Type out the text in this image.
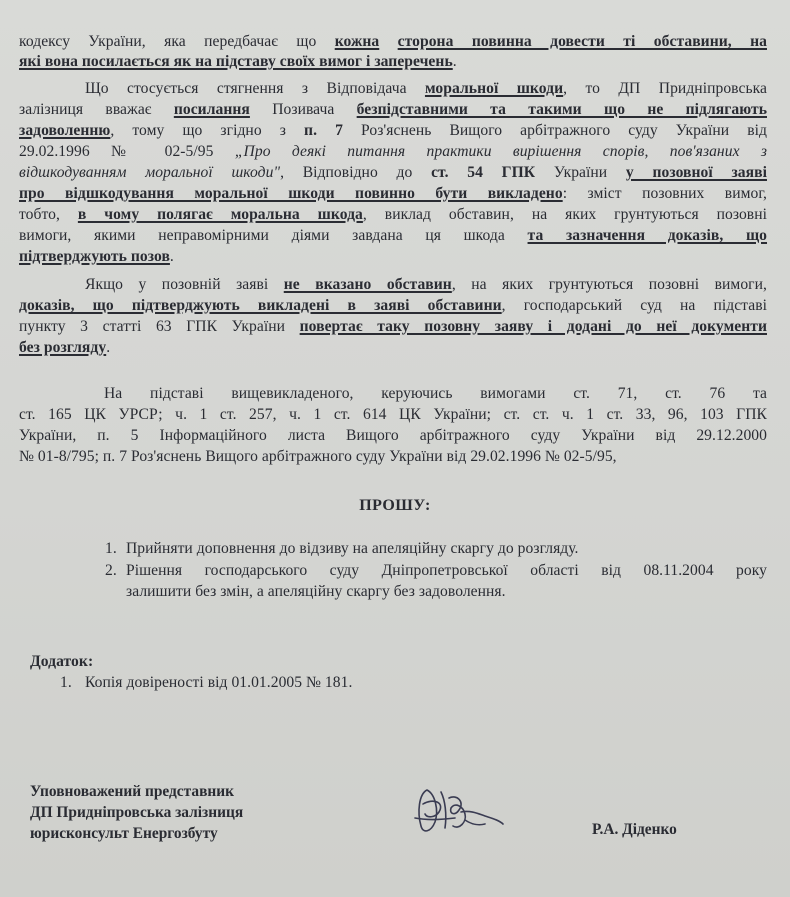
кодексу України, яка передбачає що кожна сторона повинна довести ті обставини, на
які вона посилається як на підставу своїх вимог і заперечень.
Що стосується стягнення з Відповідача моральної шкоди, то ДП Придніпровська
залізниця вважає посилання Позивача безпідставними та такими що не підлягають
задоволенню, тому що згідно з п. 7 Роз'яснень Вищого арбітражного суду України від
29.02.1996 № 02-5/95 „Про деякі питання практики вирішення спорів, пов'язаних з
відшкодуванням моральної шкоди", Відповідно до ст. 54 ГПК України у позовної заяві
про відшкодування моральної шкоди повинно бути викладено: зміст позовних вимог,
тобто, в чому полягає моральна шкода, виклад обставин, на яких грунтуються позовні
вимоги, якими неправомірними діями завдана ця шкода та зазначення доказів, що
підтверджують позов.
Якщо у позовній заяві не вказано обставин, на яких грунтуються позовні вимоги,
доказів, що підтверджують викладені в заяві обставини, господарський суд на підставі
пункту 3 статті 63 ГПК України повертає таку позовну заяву і додані до неї документи
без розгляду.
На підставі вищевикладеного, керуючись вимогами ст. 71, ст. 76 та
ст. 165 ЦК УРСР; ч. 1 ст. 257, ч. 1 ст. 614 ЦК України; ст. ст. ч. 1 ст. 33, 96, 103 ГПК
України, п. 5 Інформаційного листа Вищого арбітражного суду України від 29.12.2000
№ 01-8/795; п. 7 Роз'яснень Вищого арбітражного суду України від 29.02.1996 № 02-5/95,
ПРОШУ:
1. Прийняти доповнення до відзиву на апеляційну скаргу до розгляду.
2. Рішення господарського суду Дніпропетровської області від 08.11.2004 року
залишити без змін, а апеляційну скаргу без задоволення.
Додаток:
1. Копія довіреності від 01.01.2005 № 181.
Уповноважений представник
ДП Придніпровська залізниця
юрисконсульт Енергозбуту	Р.А. Діденко
